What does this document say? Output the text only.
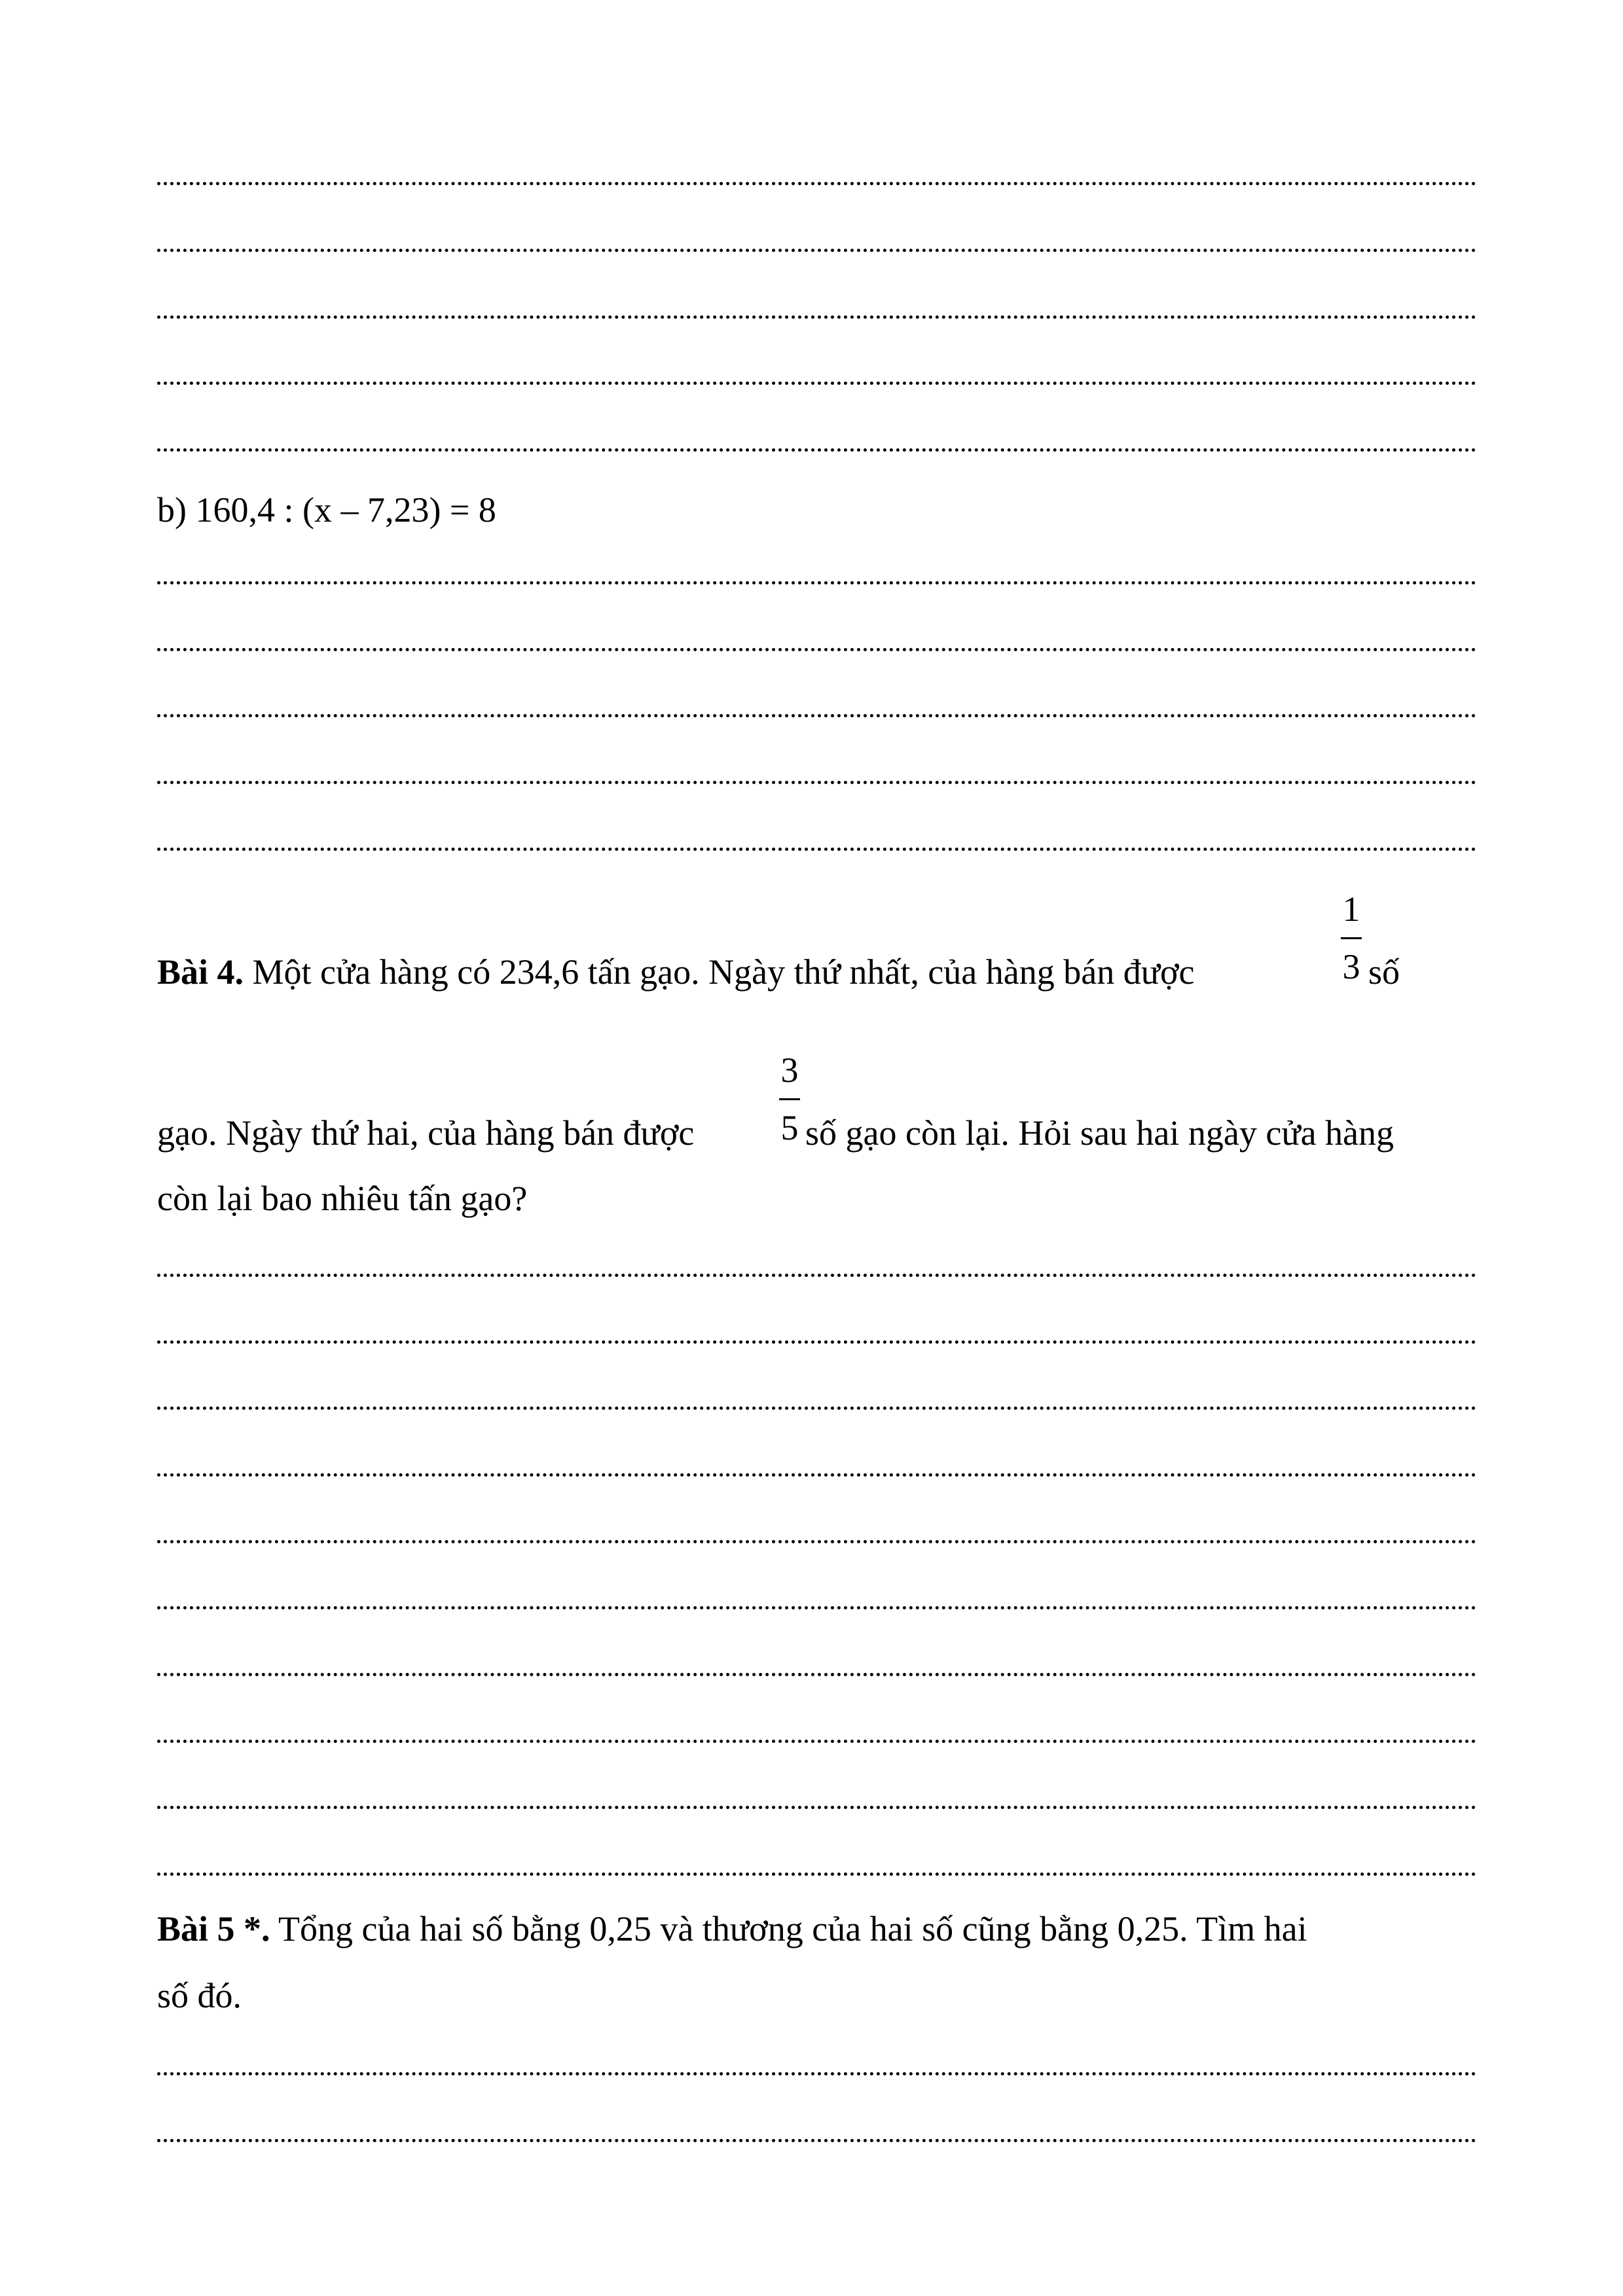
b) 160,4 : (x – 7,23) = 8
Bài 4. Một cửa hàng có 234,6 tấn gạo. Ngày thứ nhất, của hàng bán được
1
3 số
gạo. Ngày thứ hai, của hàng bán được
3
5 số gạo còn lại. Hỏi sau hai ngày cửa hàng
còn lại bao nhiêu tấn gạo?
Bài 5 *. Tổng của hai số bằng 0,25 và thương của hai số cũng bằng 0,25. Tìm hai
số đó.
